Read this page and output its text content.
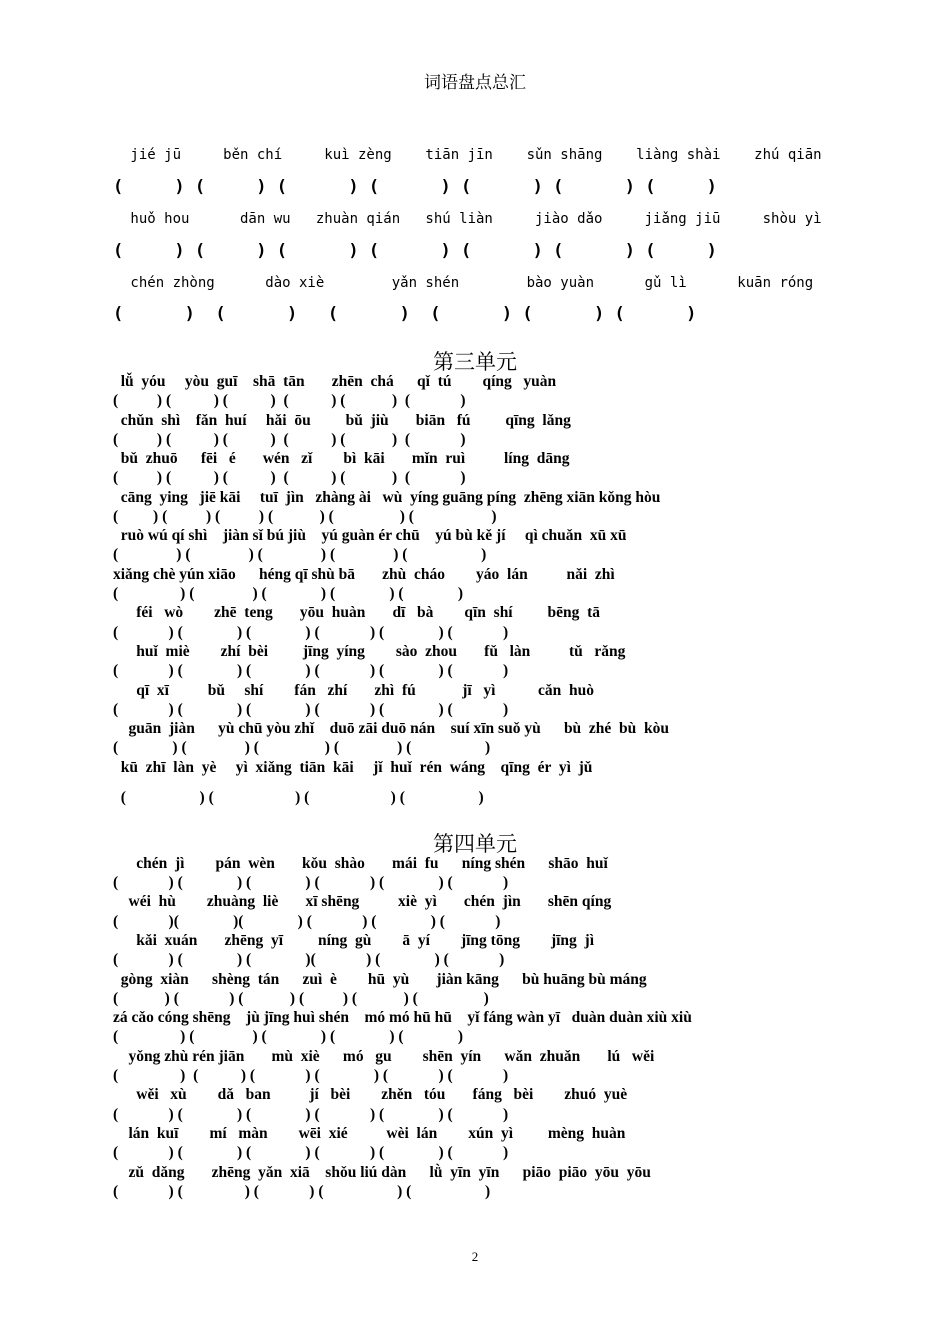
词语盘点总汇
jié jū     běn chí     kuì zèng    tiān jīn    sǔn shāng    liàng shài    zhú qiān
(     ) (     ) (      ) (      ) (      ) (      ) (     )
huǒ hou      dān wu   zhuàn qián   shú liàn     jiào dǎo     jiǎng jiū     shòu yì
(     ) (     ) (      ) (      ) (      ) (      ) (     )
chén zhòng      dào xiè        yǎn shén        bào yuàn      gǔ lì      kuān róng
(      )  (      )   (      )  (      ) (      ) (      )
第三单元
lǚ  yóu     yòu  guī    shā  tān       zhēn  chá      qǐ  tú        qíng   yuàn
(          ) (           ) (           )  (           ) (            )  (             )
chǔn  shì    fǎn  huí     hǎi  ōu         bǔ  jiù       biān   fú         qīng  lǎng
(          ) (           ) (           )  (           ) (            )  (             )
bǔ  zhuō      fēi   é       wén   zǐ        bì  kāi       mǐn  ruì          líng  dāng
(          ) (           ) (           )  (           ) (            )  (             )
cāng  ying   jiē kāi     tuī  jìn   zhàng ài   wù  yíng guāng píng  zhēng xiān kǒng hòu
(         ) (          ) (          ) (            ) (                 ) (                    )
ruò wú qí shì    jiàn sǐ bú jiù    yú guàn ér chū    yú bù kě jí     qì chuǎn  xū xū
(               ) (               ) (               ) (               ) (                   )
xiǎng chè yún xiāo      héng qī shù bā       zhù  cháo        yáo  lán          nǎi  zhì
(                ) (               ) (              ) (              ) (              )
féi   wò        zhē  teng       yōu  huàn       dī   bà        qīn  shí         bēng  tā
(             ) (              ) (              ) (             ) (              ) (             )
huǐ  miè        zhí  bèi         jīng  yíng        sào  zhou       fǔ   làn          tǔ   rǎng
(             ) (              ) (              ) (             ) (              ) (             )
qī  xī          bǔ     shí        fán   zhí       zhì  fú            jī   yì           cǎn  huò
(             ) (              ) (              ) (             ) (              ) (             )
guān  jiàn      yù chū yòu zhǐ    duō zāi duō nán    suí xīn suǒ yù      bù  zhé  bù  kòu
(              ) (               ) (                 ) (               ) (                   )
kū  zhī  làn  yè     yì  xiǎng  tiān  kāi     jǐ  huǐ  rén  wáng    qīng  ér  yì  jǔ
(                   ) (                     ) (                     ) (                   )
第四单元
chén  jì        pán  wèn       kǒu  shào       mái  fu      níng shén      shāo  huǐ
(             ) (              ) (              ) (             ) (              ) (             )
wéi  hù        zhuàng  liè       xī shēng          xiè  yì       chén  jìn       shēn qíng
(             )(              )(              ) (             ) (              ) (             )
kǎi  xuán       zhēng  yī         níng  gù        ā  yí        jīng tōng        jīng  jì
(             ) (              ) (              )(             ) (              ) (             )
gòng  xiàn      shèng  tán      zuì  è        hū  yù       jiàn kāng      bù huāng bù máng
(            ) (             ) (            ) (          ) (            ) (                 )
zá cǎo cóng shēng    jù jīng huì shén    mó mó hū hū    yǐ fáng wàn yī   duàn duàn xiù xiù
(                ) (               ) (              ) (              ) (              )
yǒng zhù rén jiān       mù  xiè      mó   gu        shēn  yín      wǎn  zhuǎn       lú   wěi
(                )  (           ) (             ) (              ) (             ) (             )
wěi   xù        dǎ   ban          jí   bèi        zhěn   tóu       fáng   bèi        zhuó  yuè
(             ) (              ) (              ) (             ) (              ) (             )
lán  kuī        mí   màn        wēi  xié          wèi  lán        xún  yì         mèng  huàn
(             ) (              ) (              ) (             ) (              ) (             )
zǔ  dǎng       zhēng  yǎn  xiā    shǒu liú dàn      lǜ  yīn  yīn      piāo  piāo  yōu  yōu
(             ) (                ) (             ) (                   ) (                   )
2
